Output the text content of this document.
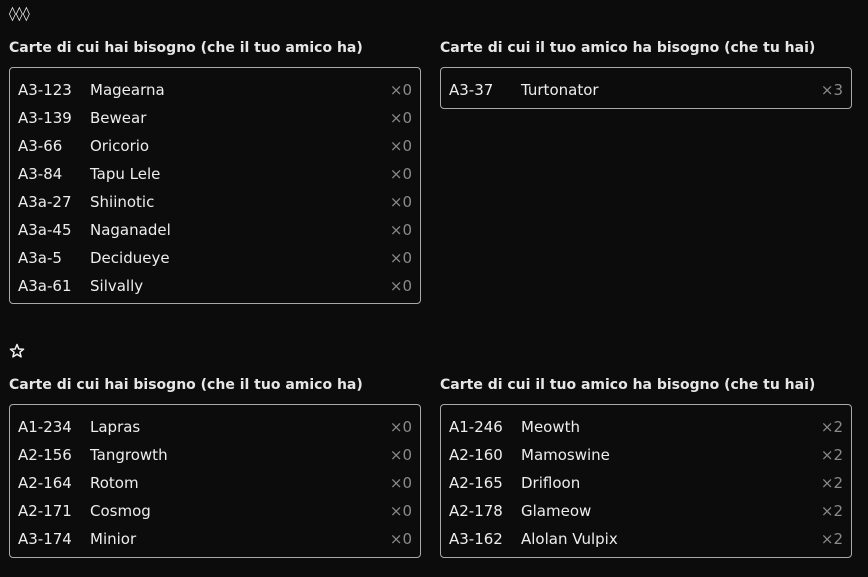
◊◊◊
Carte di cui hai bisogno (che il tuo amico ha)
A3-123 Magearna	×0
A3-139 Bewear	×0
A3-66 Oricorio	×0
A3-84 Tapu Lele	×0
A3a-27 Shiinotic	×0
A3a-45 Naganadel	×0
A3a-5 Decidueye	×0
A3a-61 Silvally	×0
Carte di cui il tuo amico ha bisogno (che tu hai)
A3-37 Turtonator	×3
Carte di cui hai bisogno (che il tuo amico ha)
A1-234 Lapras	×0
A2-156 Tangrowth	×0
A2-164 Rotom	×0
A2-171 Cosmog	×0
A3-174 Minior	×0
Carte di cui il tuo amico ha bisogno (che tu hai)
A1-246 Meowth	×2
A2-160 Mamoswine	×2
A2-165 Drifloon	×2
A2-178 Glameow	×2
A3-162 Alolan Vulpix	×2
